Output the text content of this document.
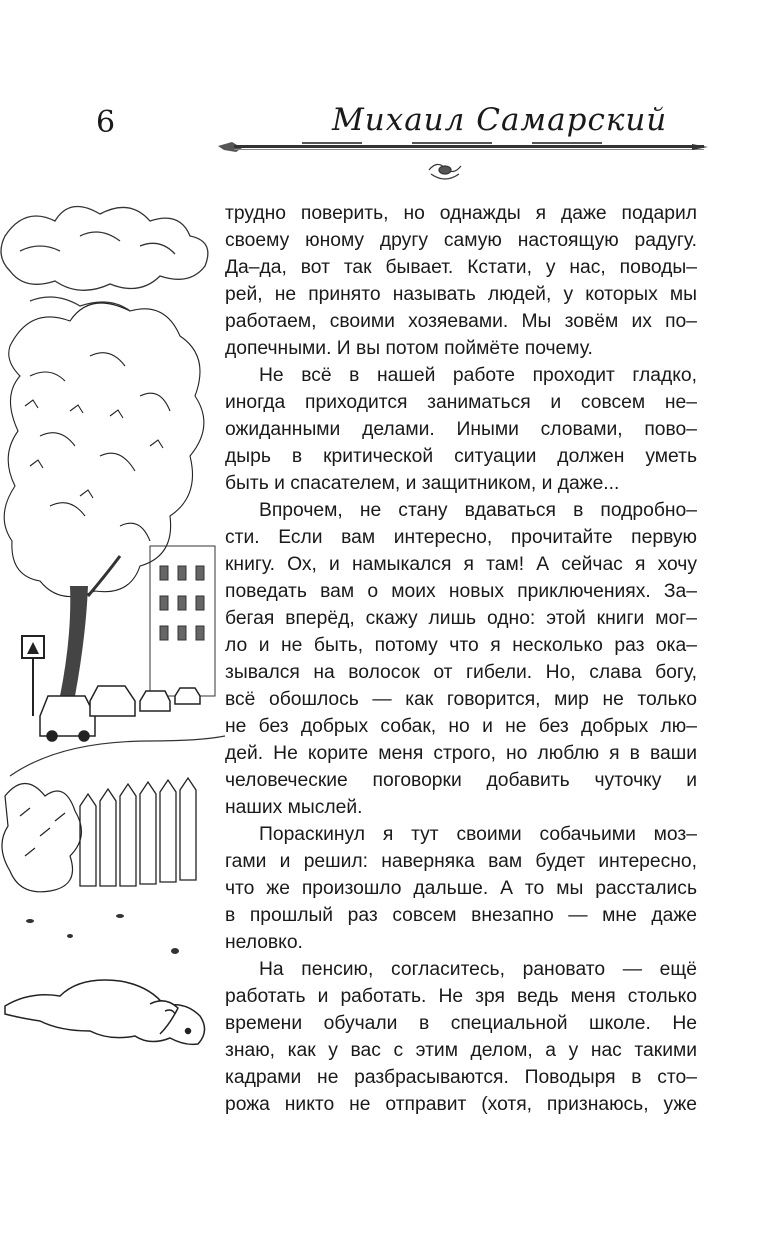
6	Михаил Самарский
трудно поверить, но однажды я даже подарил
своему юному другу самую настоящую радугу.
Да–да, вот так бывает. Кстати, у нас, поводы–
рей, не принято называть людей, у которых мы
работаем, своими хозяевами. Мы зовём их по–
допечными. И вы потом поймёте почему.
Не всё в нашей работе проходит гладко,
иногда приходится заниматься и совсем не–
ожиданными делами. Иными словами, пово–
дырь в критической ситуации должен уметь
быть и спасателем, и защитником, и даже...
Впрочем, не стану вдаваться в подробно–
сти. Если вам интересно, прочитайте первую
книгу. Ох, и намыкался я там! А сейчас я хочу
поведать вам о моих новых приключениях. За–
бегая вперёд, скажу лишь одно: этой книги мог–
ло и не быть, потому что я несколько раз ока–
зывался на волосок от гибели. Но, слава богу,
всё обошлось — как говорится, мир не только
не без добрых собак, но и не без добрых лю–
дей. Не корите меня строго, но люблю я в ваши
человеческие поговорки добавить чуточку и
наших мыслей.
Пораскинул я тут своими собачьими моз–
гами и решил: наверняка вам будет интересно,
что же произошло дальше. А то мы расстались
в прошлый раз совсем внезапно — мне даже
неловко.
На пенсию, согласитесь, рановато — ещё
работать и работать. Не зря ведь меня столько
времени обучали в специальной школе. Не
знаю, как у вас с этим делом, а у нас такими
кадрами не разбрасываются. Поводыря в сто–
рожа никто не отправит (хотя, признаюсь, уже
